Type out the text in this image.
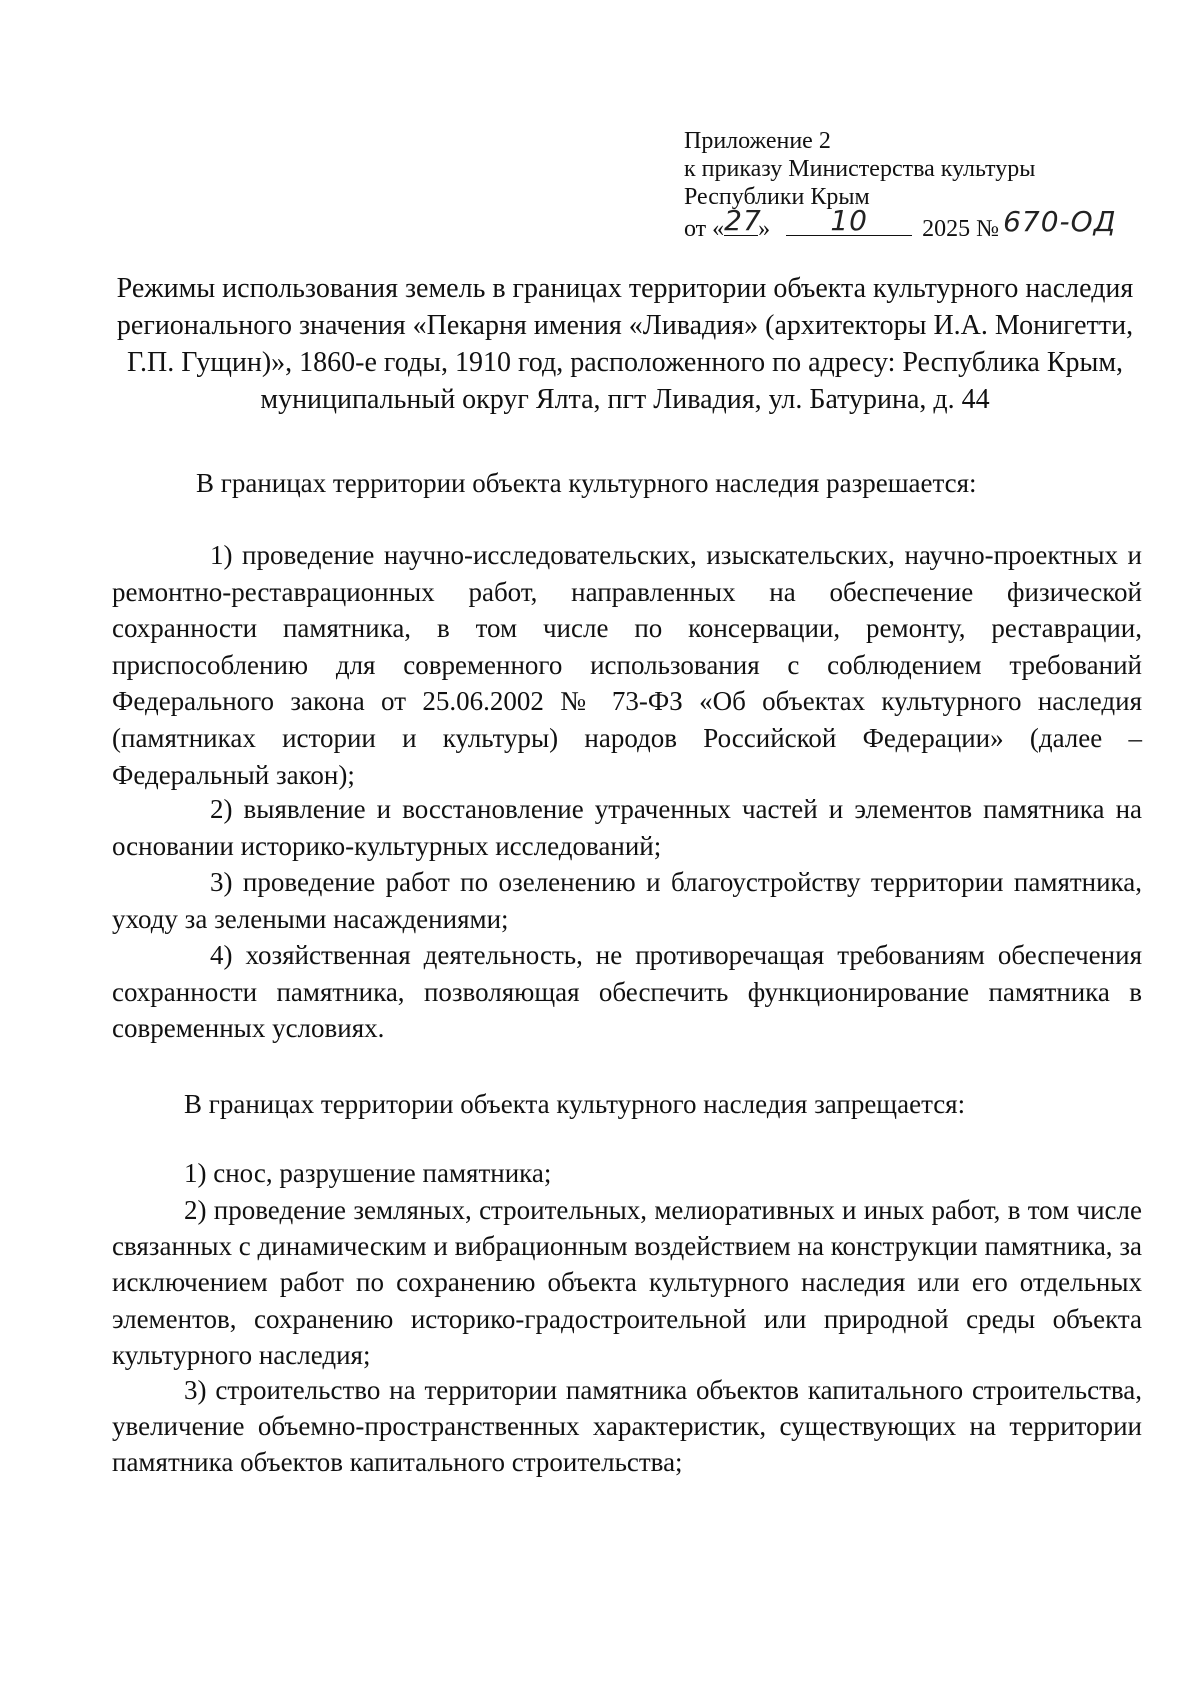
Приложение 2
к приказу Министерства культуры
Республики Крым
от « 27
»	10	2025 № 670-ОД
Режимы использования земель в границах территории объекта культурного наследия регионального значения «Пекарня имения «Ливадия» (архитекторы И.А. Монигетти, Г.П. Гущин)», 1860-е годы, 1910 год, расположенного по адресу: Республика Крым, муниципальный округ Ялта, пгт Ливадия, ул. Батурина, д. 44
В границах территории объекта культурного наследия разрешается:
1) проведение научно-исследовательских, изыскательских, научно-проектных и ремонтно-реставрационных работ, направленных на обеспечение физической сохранности памятника, в том числе по консервации, ремонту, реставрации, приспособлению для современного использования с соблюдением требований Федерального закона от 25.06.2002 № 73-ФЗ «Об объектах культурного наследия (памятниках истории и культуры) народов Российской Федерации» (далее – Федеральный закон);
2) выявление и восстановление утраченных частей и элементов памятника на основании историко-культурных исследований;
3) проведение работ по озеленению и благоустройству территории памятника, уходу за зелеными насаждениями;
4) хозяйственная деятельность, не противоречащая требованиям обеспечения сохранности памятника, позволяющая обеспечить функционирование памятника в современных условиях.
В границах территории объекта культурного наследия запрещается:
1) снос, разрушение памятника;
2) проведение земляных, строительных, мелиоративных и иных работ, в том числе связанных с динамическим и вибрационным воздействием на конструкции памятника, за исключением работ по сохранению объекта культурного наследия или его отдельных элементов, сохранению историко-градостроительной или природной среды объекта культурного наследия;
3) строительство на территории памятника объектов капитального строительства, увеличение объемно-пространственных характеристик, существующих на территории памятника объектов капитального строительства;
